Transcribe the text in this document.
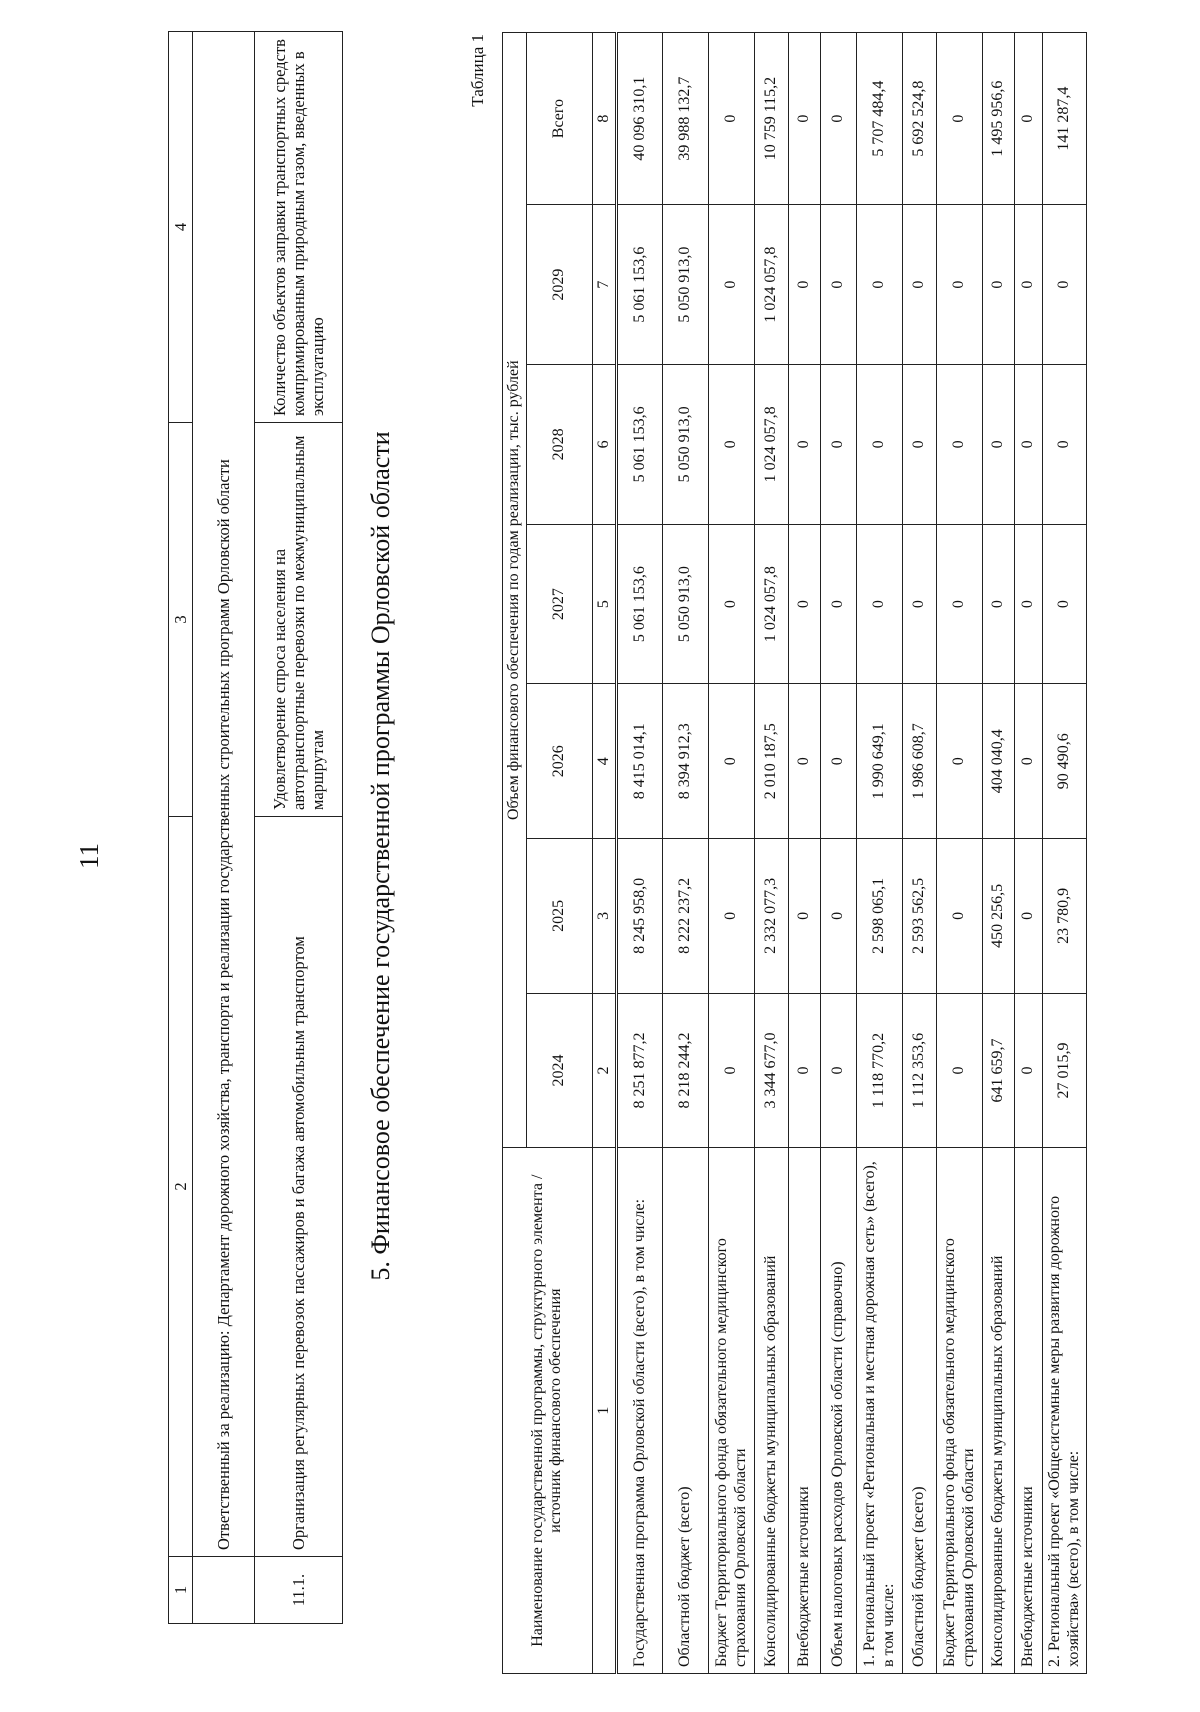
11
1	2	3	4
	Ответственный за реализацию: Департамент дорожного хозяйства, транспорта и реализации государственных строительных программ Орловской области		
11.1.	Организация регулярных перевозок пассажиров и багажа автомобильным транспортом	Удовлетворение спроса населения на автотранспортные перевозки по межмуниципальным маршрутам	Количество объектов заправки транспортных средств компримированным природным газом, введенных в эксплуатацию
5. Финансовое обеспечение государственной программы Орловской области
Таблица 1
Наименование государственной программы, структурного элемента / источник финансового обеспечения	Объем финансового обеспечения по годам реализации, тыс. рублей						
	2024	2025	2026	2027	2028	2029	Всего
1	2	3	4	5	6	7	8
Государственная программа Орловской области (всего), в том числе:	8 251 877,2	8 245 958,0	8 415 014,1	5 061 153,6	5 061 153,6	5 061 153,6	40 096 310,1
Областной бюджет (всего)	8 218 244,2	8 222 237,2	8 394 912,3	5 050 913,0	5 050 913,0	5 050 913,0	39 988 132,7
Бюджет Территориального фонда обязательного медицинского страхования Орловской области	0	0	0	0	0	0	0
Консолидированные бюджеты муниципальных образований	3 344 677,0	2 332 077,3	2 010 187,5	1 024 057,8	1 024 057,8	1 024 057,8	10 759 115,2
Внебюджетные источники	0	0	0	0	0	0	0
Объем налоговых расходов Орловской области (справочно)	0	0	0	0	0	0	0
1. Региональный проект «Региональная и местная дорожная сеть» (всего), в том числе:	1 118 770,2	2 598 065,1	1 990 649,1	0	0	0	5 707 484,4
Областной бюджет (всего)	1 112 353,6	2 593 562,5	1 986 608,7	0	0	0	5 692 524,8
Бюджет Территориального фонда обязательного медицинского страхования Орловской области	0	0	0	0	0	0	0
Консолидированные бюджеты муниципальных образований	641 659,7	450 256,5	404 040,4	0	0	0	1 495 956,6
Внебюджетные источники	0	0	0	0	0	0	0
2. Региональный проект «Общесистемные меры развития дорожного хозяйства» (всего), в том числе:	27 015,9	23 780,9	90 490,6	0	0	0	141 287,4
